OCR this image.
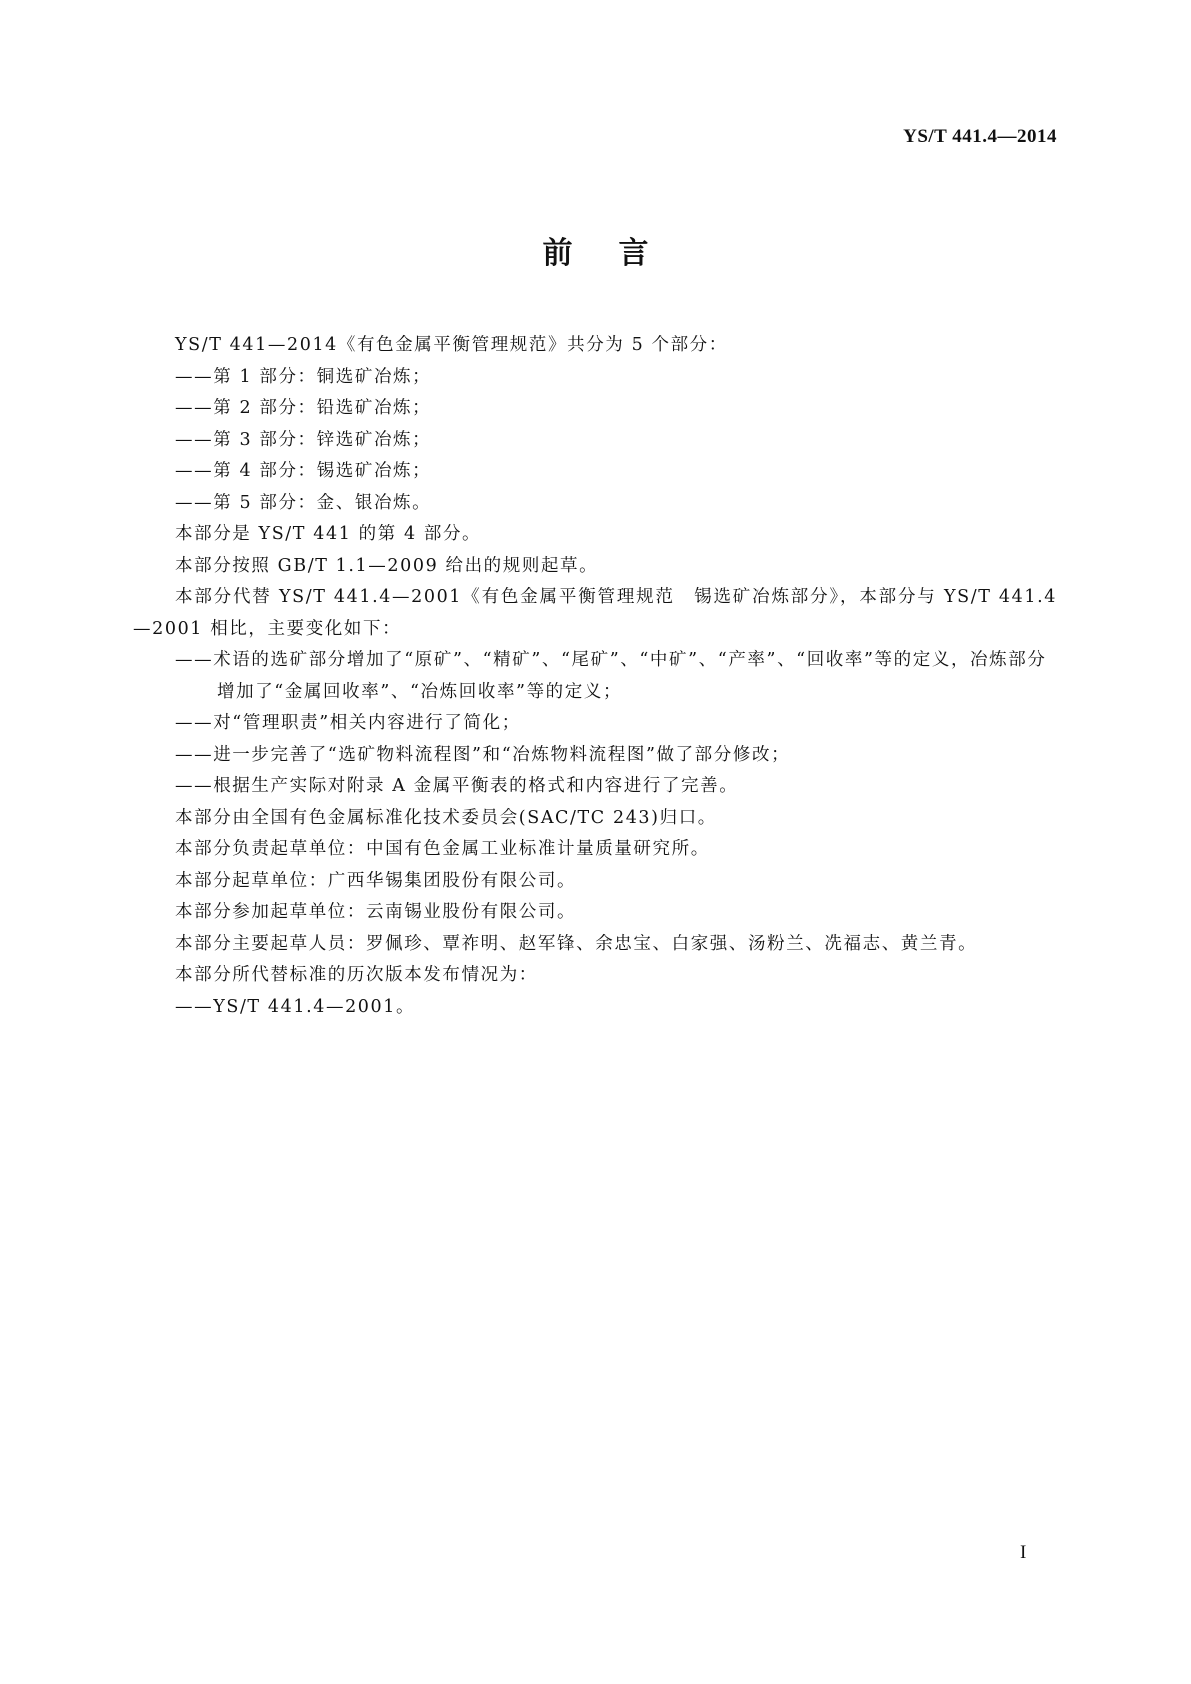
YS/T 441.4—2014
前言

YS/T 441—2014《有色金属平衡管理规范》共分为 5 个部分：

——第 1 部分：铜选矿冶炼；

——第 2 部分：铅选矿冶炼；

——第 3 部分：锌选矿冶炼；

——第 4 部分：锡选矿冶炼；

——第 5 部分：金、银冶炼。

本部分是 YS/T 441 的第 4 部分。

本部分按照 GB/T 1.1—2009 给出的规则起草。

本部分代替 YS/T 441.4—2001《有色金属平衡管理规范　锡选矿冶炼部分》，本部分与 YS/T 441.4—2001 相比，主要变化如下：

——术语的选矿部分增加了“原矿”、“精矿”、“尾矿”、“中矿”、“产率”、“回收率”等的定义，冶炼部分增加了“金属回收率”、“冶炼回收率”等的定义；

——对“管理职责”相关内容进行了简化；

——进一步完善了“选矿物料流程图”和“冶炼物料流程图”做了部分修改；

——根据生产实际对附录 A 金属平衡表的格式和内容进行了完善。

本部分由全国有色金属标准化技术委员会(SAC/TC 243)归口。

本部分负责起草单位：中国有色金属工业标准计量质量研究所。

本部分起草单位：广西华锡集团股份有限公司。

本部分参加起草单位：云南锡业股份有限公司。

本部分主要起草人员：罗佩珍、覃祚明、赵军锋、余忠宝、白家强、汤粉兰、冼福志、黄兰青。

本部分所代替标准的历次版本发布情况为：

——YS/T 441.4—2001。

I
